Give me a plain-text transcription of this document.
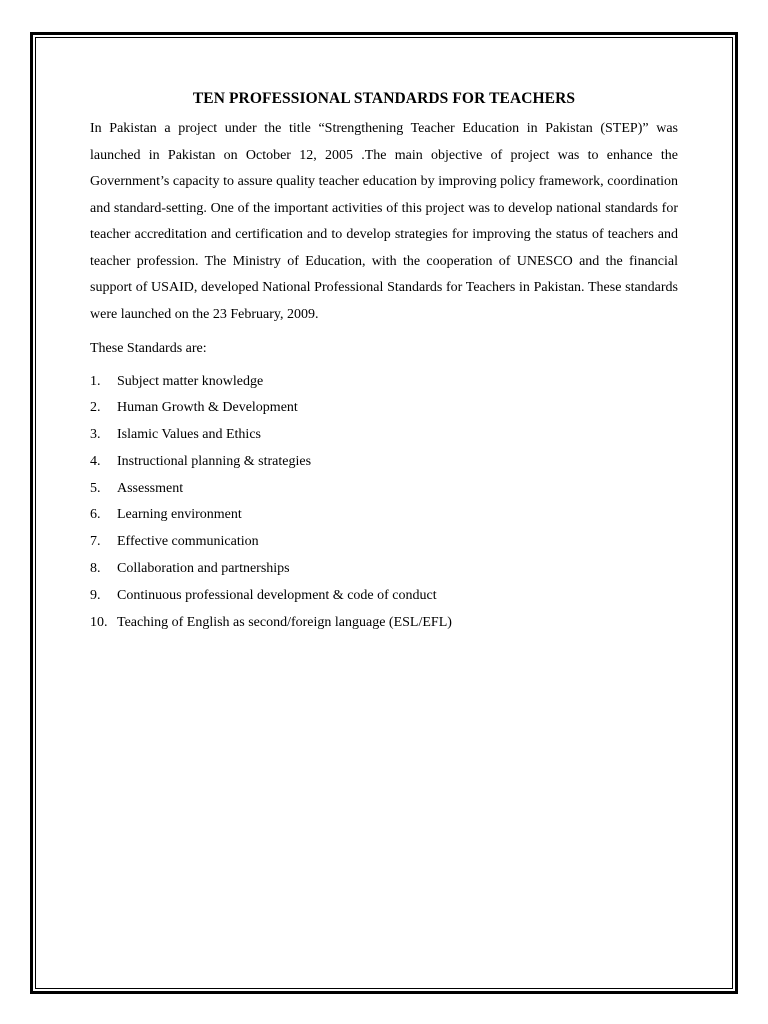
TEN PROFESSIONAL STANDARDS FOR TEACHERS

In Pakistan a project under the title “Strengthening Teacher Education in Pakistan (STEP)” was launched in Pakistan on October 12, 2005 .The main objective of project was to enhance the Government’s capacity to assure quality teacher education by improving policy framework, coordination and standard-setting. One of the important activities of this project was to develop national standards for teacher accreditation and certification and to develop strategies for improving the status of teachers and teacher profession. The Ministry of Education, with the cooperation of UNESCO and the financial support of USAID, developed National Professional Standards for Teachers in Pakistan. These standards were launched on the 23 February, 2009.

These Standards are:

1.	Subject matter knowledge
2.	Human Growth & Development
3.	Islamic Values and Ethics
4.	Instructional planning & strategies
5.	Assessment
6.	Learning environment
7.	Effective communication
8.	Collaboration and partnerships
9.	Continuous professional development & code of conduct
10. Teaching of English as second/foreign language (ESL/EFL)
